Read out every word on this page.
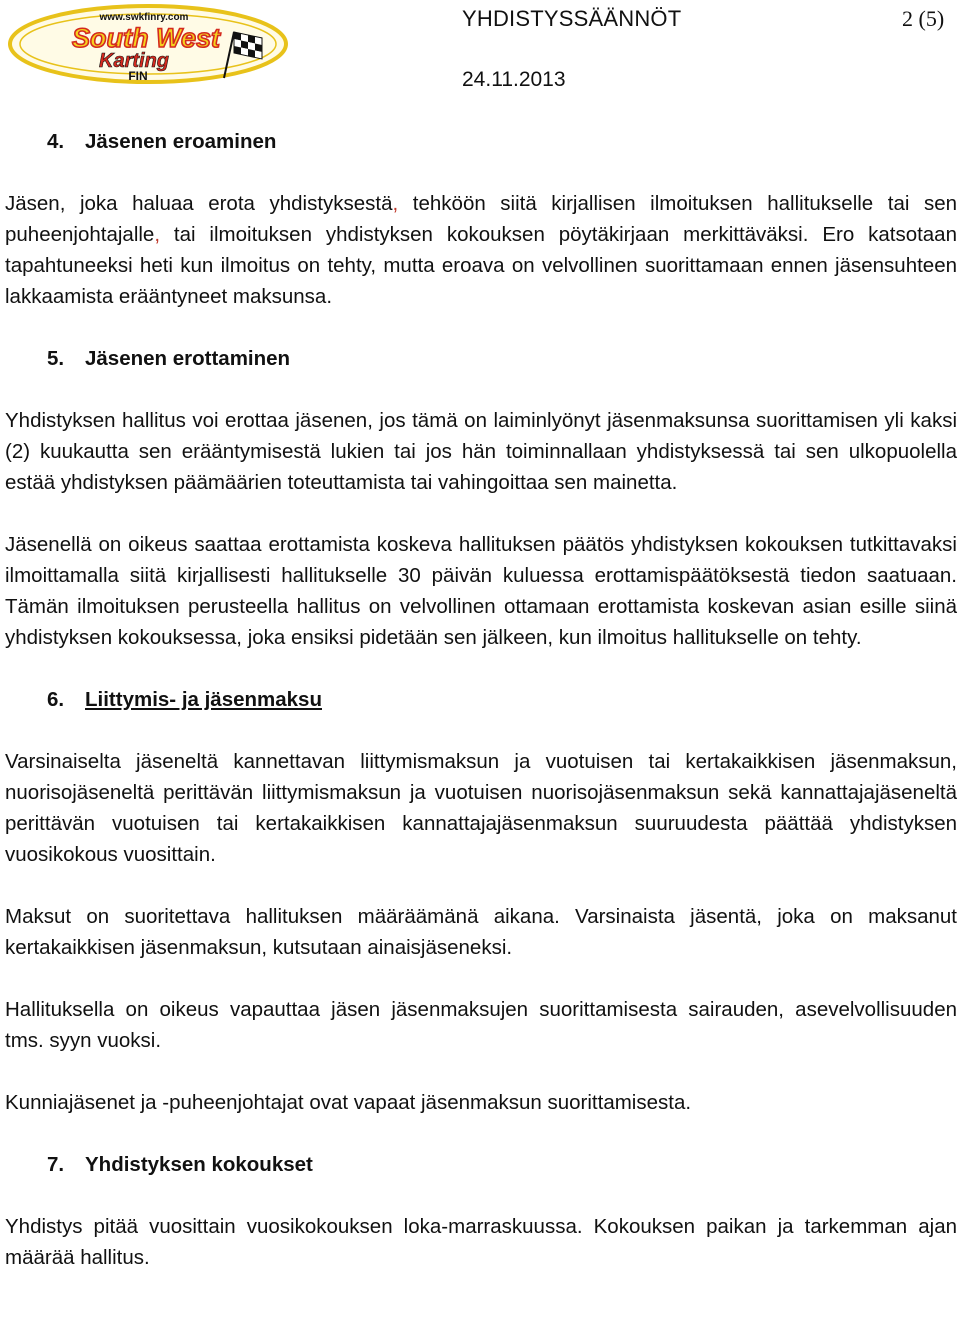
www.swkfinry.com
South West
Karting
FIN
YHDISTYSSÄÄNNÖT	2 (5)
24.11.2013
4.	Jäsenen eroaminen

Jäsen, joka haluaa erota yhdistyksestä, tehköön siitä kirjallisen ilmoituksen hallitukselle tai sen puheenjohtajalle, tai ilmoituksen yhdistyksen kokouksen pöytäkirjaan merkittäväksi. Ero katsotaan tapahtuneeksi heti kun ilmoitus on tehty, mutta eroava on velvollinen suorittamaan ennen jäsensuhteen lakkaamista erääntyneet maksunsa.

5.	Jäsenen erottaminen

Yhdistyksen hallitus voi erottaa jäsenen, jos tämä on laiminlyönyt jäsenmaksunsa suorittamisen yli kaksi (2) kuukautta sen erääntymisestä lukien tai jos hän toiminnallaan yhdistyksessä tai sen ulkopuolella estää yhdistyksen päämäärien toteuttamista tai vahingoittaa sen mainetta.

Jäsenellä on oikeus saattaa erottamista koskeva hallituksen päätös yhdistyksen kokouksen tutkittavaksi ilmoittamalla siitä kirjallisesti hallitukselle 30 päivän kuluessa erottamispäätöksestä tiedon saatuaan. Tämän ilmoituksen perusteella hallitus on velvollinen ottamaan erottamista koskevan asian esille siinä yhdistyksen kokouksessa, joka ensiksi pidetään sen jälkeen, kun ilmoitus hallitukselle on tehty.

6.	Liittymis- ja jäsenmaksu

Varsinaiselta jäseneltä kannettavan liittymismaksun ja vuotuisen tai kertakaikkisen jäsenmaksun, nuorisojäseneltä perittävän liittymismaksun ja vuotuisen nuorisojäsenmaksun sekä kannattajajäseneltä perittävän vuotuisen tai kertakaikkisen kannattajajäsenmaksun suuruudesta päättää yhdistyksen vuosikokous vuosittain.

Maksut on suoritettava hallituksen määräämänä aikana. Varsinaista jäsentä, joka on maksanut kertakaikkisen jäsenmaksun, kutsutaan ainaisjäseneksi.

Hallituksella on oikeus vapauttaa jäsen jäsenmaksujen suorittamisesta sairauden, asevelvollisuuden tms. syyn vuoksi.

Kunniajäsenet ja -puheenjohtajat ovat vapaat jäsenmaksun suorittamisesta.

7.	Yhdistyksen kokoukset

Yhdistys pitää vuosittain vuosikokouksen loka-marraskuussa. Kokouksen paikan ja tarkemman ajan määrää hallitus.
